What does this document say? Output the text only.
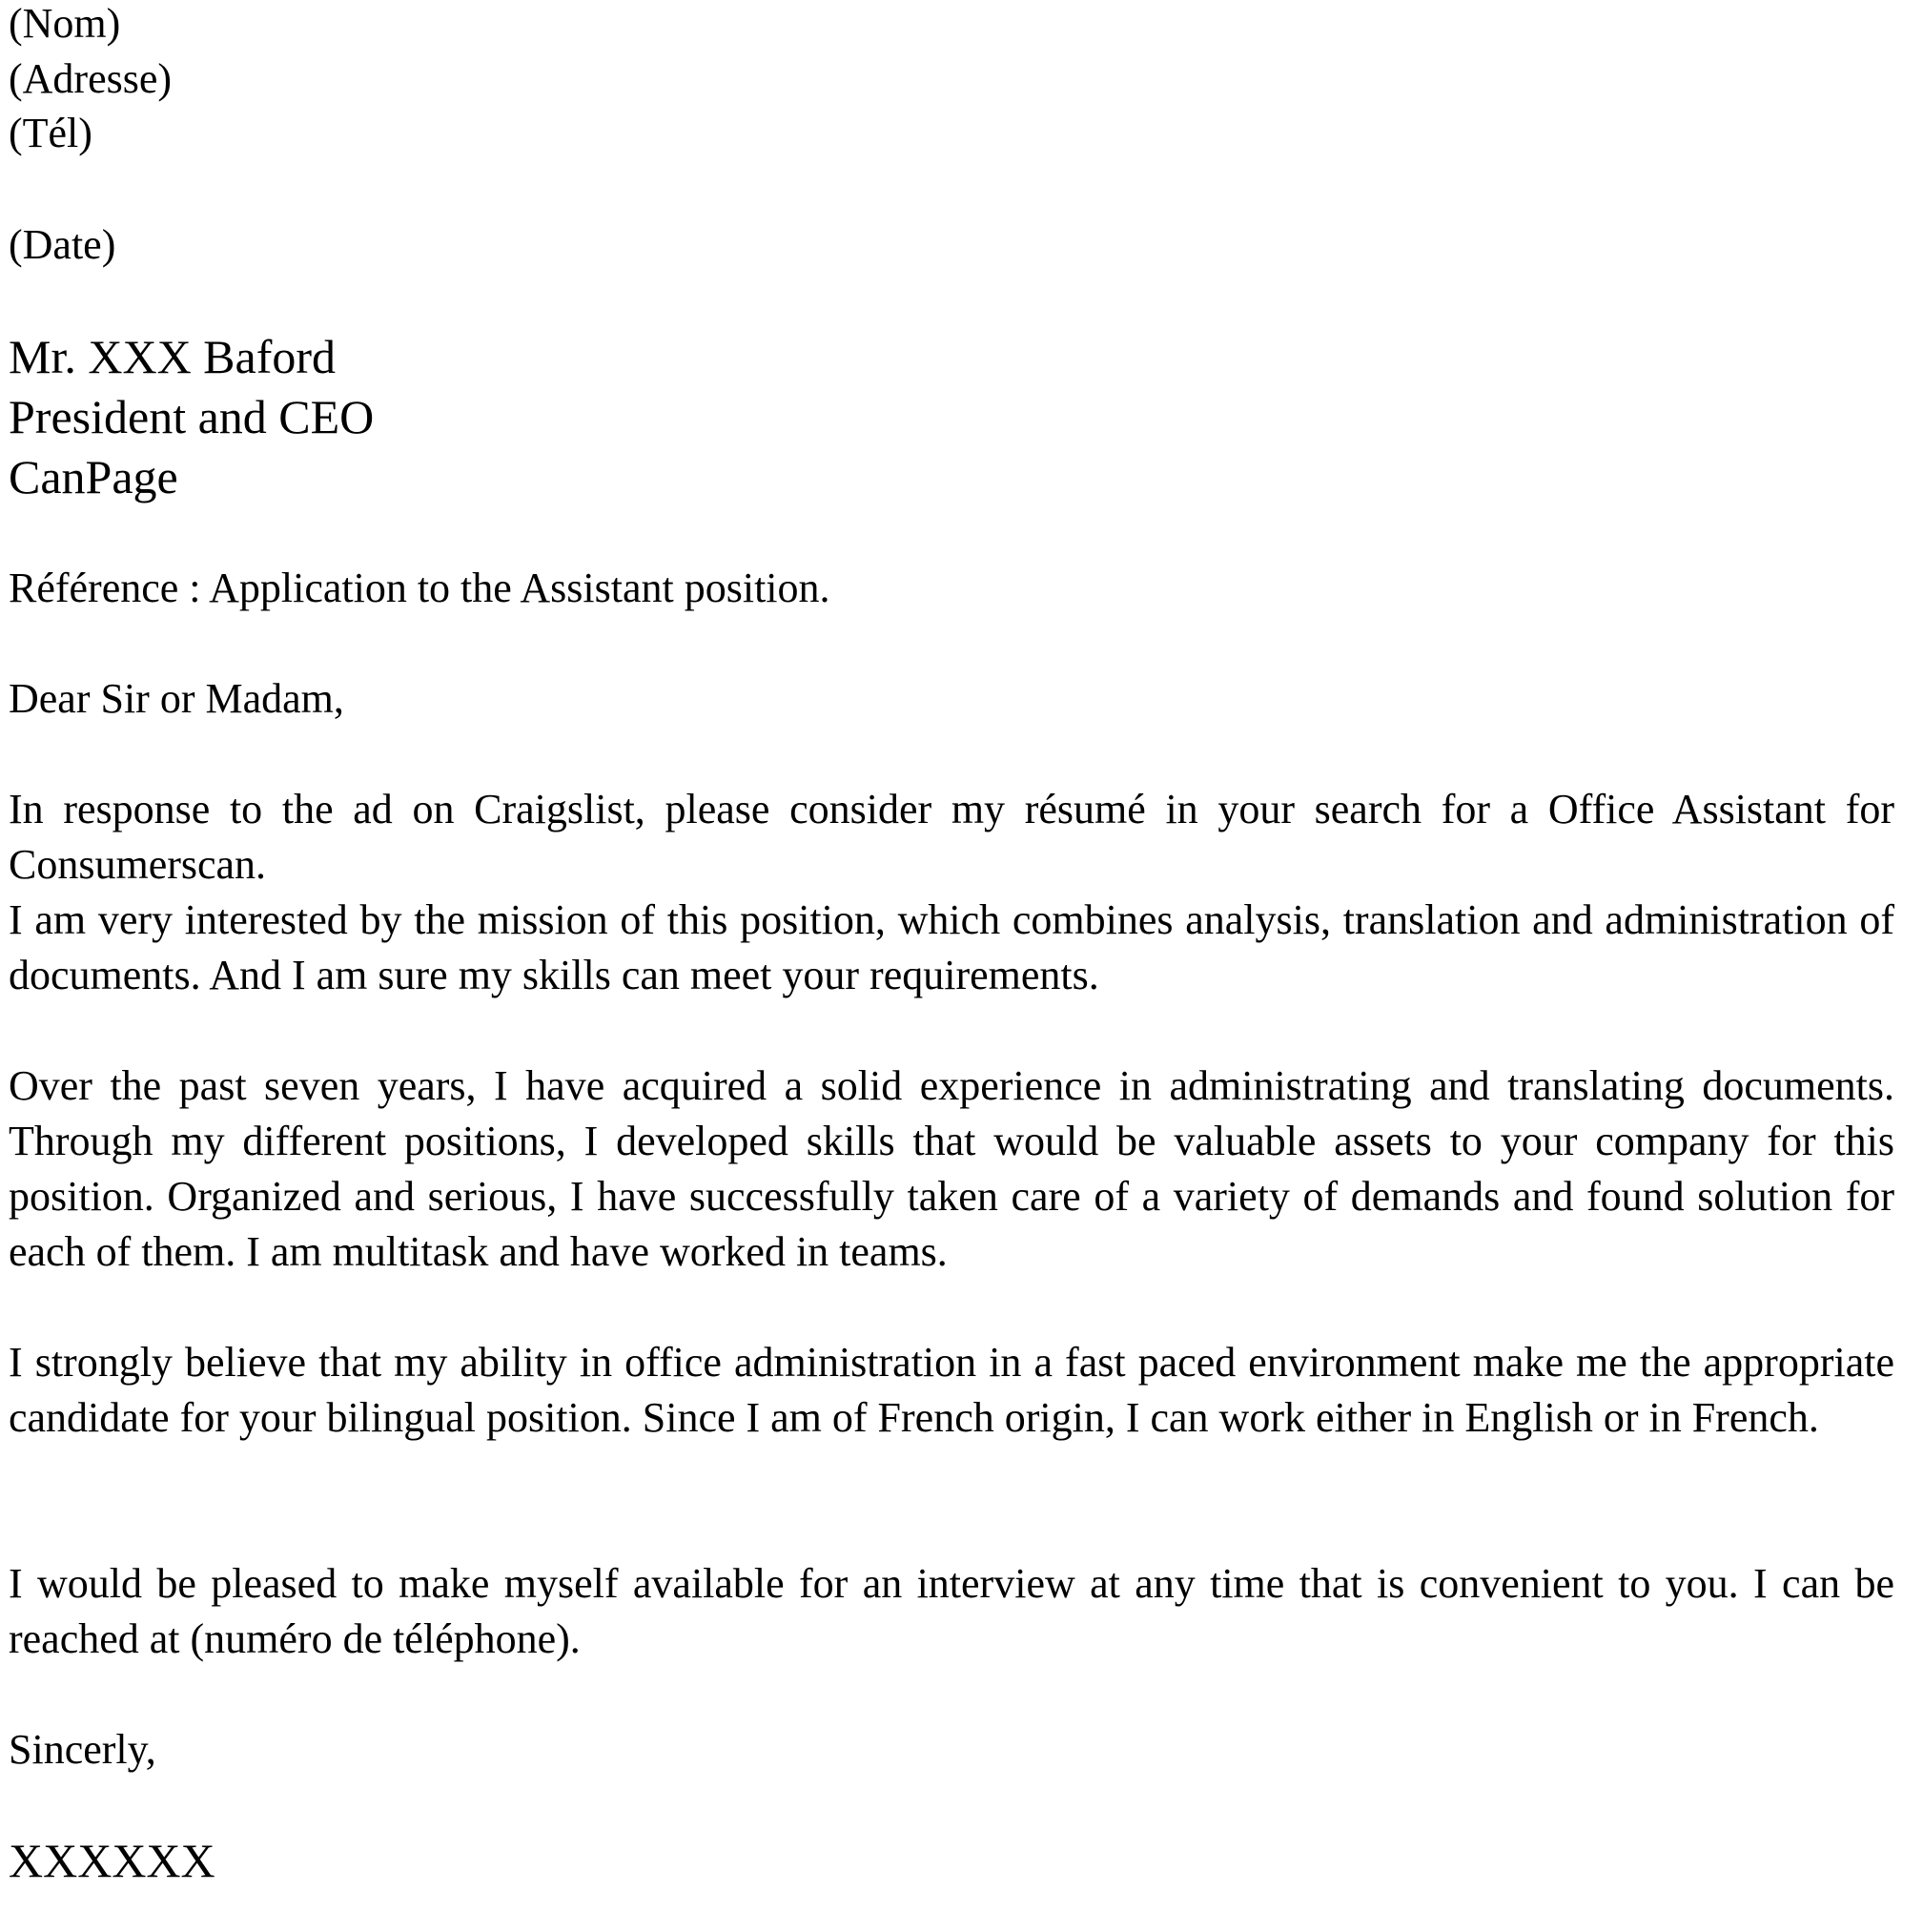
(Nom)
(Adresse)
(Tél)
(Date)
Mr. XXX Baford
President and CEO
CanPage
Référence : Application to the Assistant position.
Dear Sir or Madam,

In response to the ad on Craigslist, please consider my résumé in your search for a Office Assistant for Consumerscan.

I am very interested by the mission of this position, which combines analysis, translation and administration of documents. And I am sure my skills can meet your requirements.

Over the past seven years, I have acquired a solid experience in administrating and translating documents. Through my different positions, I developed skills that would be valuable assets to your company for this position. Organized and serious, I have successfully taken care of a variety of demands and found solution for each of them. I am multitask and have worked in teams.

I strongly believe that my ability in office administration in a fast paced environment make me the appropriate candidate for your bilingual position. Since I am of French origin, I can work either in English or in French.

I would be pleased to make myself available for an interview at any time that is convenient to you. I can be reached at (numéro de téléphone).

Sincerly,
XXXXXX
